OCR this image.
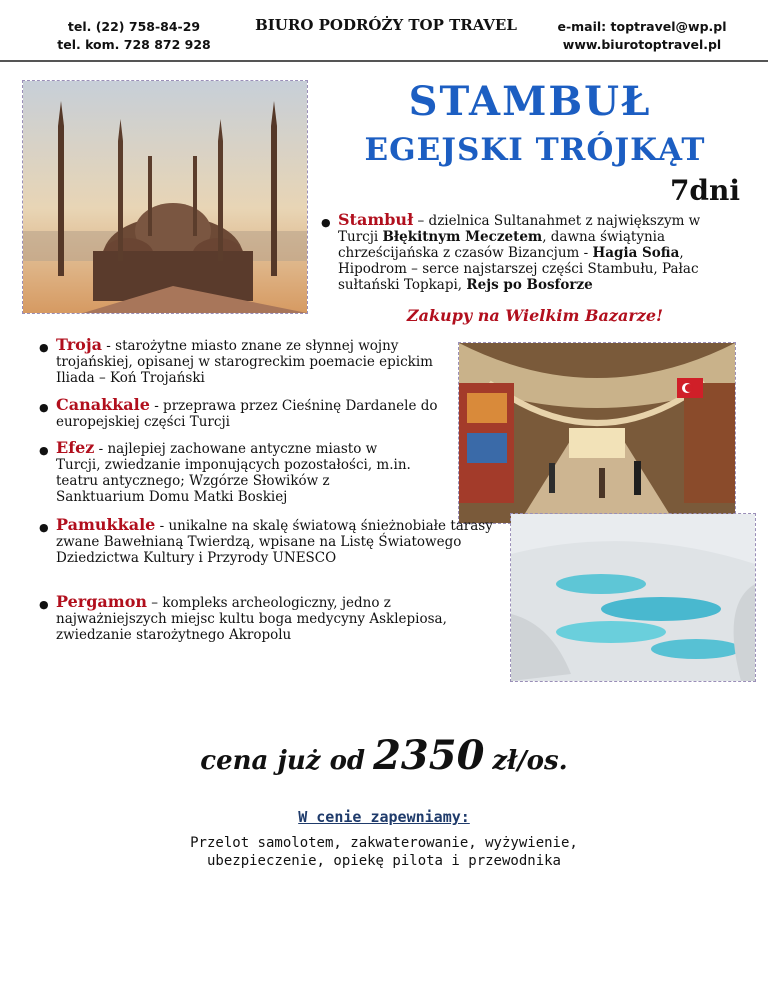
tel. (22) 758-84-29
tel. kom. 728 872 928
BIURO PODRÓŻY TOP TRAVEL	e-mail: toptravel@wp.pl
www.biurotoptravel.pl
STAMBUŁ
EGEJSKI TRÓJKĄT
7dni
● Stambuł – dzielnica Sultanahmet z największym w Turcji Błękitnym Meczetem, dawna świątynia chrześcijańska z czasów Bizancjum - Hagia Sofia, Hipodrom – serce najstarszej części Stambułu, Pałac sułtański Topkapi, Rejs po Bosforze
Zakupy na Wielkim Bazarze!
● Troja - starożytne miasto znane ze słynnej wojny trojańskiej, opisanej w starogreckim poemacie epickim Iliada – Koń Trojański
● Canakkale - przeprawa przez Cieśninę Dardanele do europejskiej części Turcji
● Efez - najlepiej zachowane antyczne miasto w Turcji, zwiedzanie imponujących pozostałości, m.in. teatru antycznego; Wzgórze Słowików z Sanktuarium Domu Matki Boskiej
● Pamukkale - unikalne na skalę światową śnieżnobiałe tarasy zwane Bawełnianą Twierdzą, wpisane na Listę Światowego Dziedzictwa Kultury i Przyrody UNESCO
● Pergamon – kompleks archeologiczny, jedno z najważniejszych miejsc kultu boga medycyny Asklepiosa, zwiedzanie starożytnego Akropolu
cena już od 2350 zł/os.
W cenie zapewniamy:
Przelot samolotem, zakwaterowanie, wyżywienie, ubezpieczenie, opiekę pilota i przewodnika
